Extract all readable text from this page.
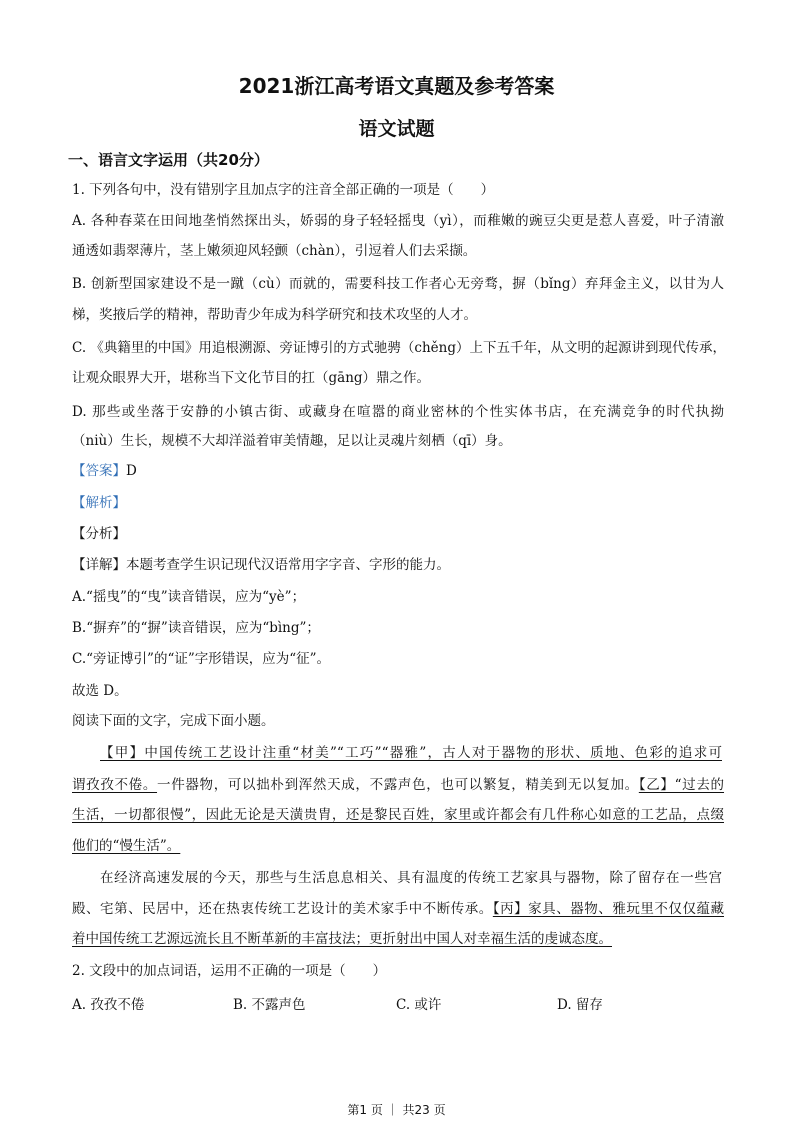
2021浙江高考语文真题及参考答案
语文试题
一、语言文字运用（共20分）
1. 下列各句中，没有错别字且加点字的注音全部正确的一项是（　　）
A. 各种春菜在田间地垄悄然探出头，娇弱的身子轻轻摇曳（yì），而稚嫩的豌豆尖更是惹人喜爱，叶子清澈
通透如翡翠薄片，茎上嫩须迎风轻颤（chàn），引逗着人们去采撷。
B. 创新型国家建设不是一蹴（cù）而就的，需要科技工作者心无旁骛，摒（bǐng）弃拜金主义，以甘为人
梯，奖掖后学的精神，帮助青少年成为科学研究和技术攻坚的人才。
C. 《典籍里的中国》用追根溯源、旁证博引的方式驰骋（chěng）上下五千年，从文明的起源讲到现代传承，
让观众眼界大开，堪称当下文化节目的扛（gāng）鼎之作。
D. 那些或坐落于安静的小镇古街、或藏身在喧嚣的商业密林的个性实体书店，在充满竞争的时代执拗
（niù）生长，规模不大却洋溢着审美情趣，足以让灵魂片刻栖（qī）身。
【答案】D
【解析】
【分析】
【详解】本题考查学生识记现代汉语常用字字音、字形的能力。
A.“摇曳”的“曳”读音错误，应为“yè”；
B.“摒弃”的“摒”读音错误，应为“bìng”；
C.“旁证博引”的“证”字形错误，应为“征”。
故选 D。
阅读下面的文字，完成下面小题。
【甲】中国传统工艺设计注重“材美”“工巧”“器雅”，古人对于器物的形状、质地、色彩的追求可
谓孜孜不倦。一件器物，可以拙朴到浑然天成，不露声色，也可以繁复，精美到无以复加。【乙】“过去的
生活，一切都很慢”，因此无论是天潢贵胄，还是黎民百姓，家里或许都会有几件称心如意的工艺品，点缀
他们的“慢生活”。
在经济高速发展的今天，那些与生活息息相关、具有温度的传统工艺家具与器物，除了留存在一些宫
殿、宅第、民居中，还在热衷传统工艺设计的美术家手中不断传承。【丙】家具、器物、雅玩里不仅仅蕴藏
着中国传统工艺源远流长且不断革新的丰富技法；更折射出中国人对幸福生活的虔诚态度。
2. 文段中的加点词语，运用不正确的一项是（　　）
A. 孜孜不倦	B. 不露声色	C. 或许	D. 留存
第1 页 ｜ 共23 页
